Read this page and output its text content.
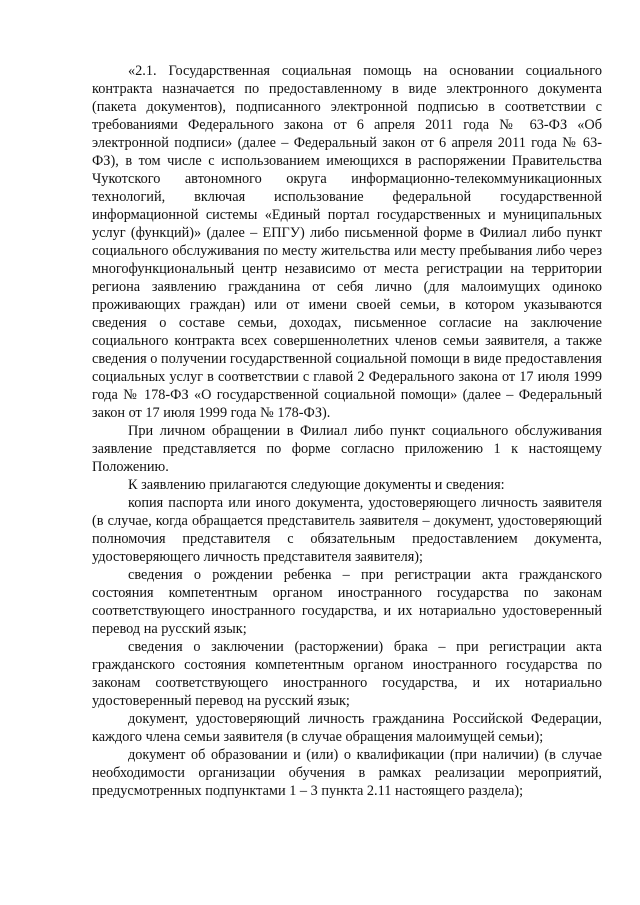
«2.1. Государственная социальная помощь на основании социального контракта назначается по предоставленному в виде электронного документа (пакета документов), подписанного электронной подписью в соответствии с требованиями Федерального закона от 6 апреля 2011 года № 63-ФЗ «Об электронной подписи» (далее – Федеральный закон от 6 апреля 2011 года № 63-ФЗ), в том числе с использованием имеющихся в распоряжении Правительства Чукотского автономного округа информационно-телекоммуникационных технологий, включая использование федеральной государственной информационной системы «Единый портал государственных и муниципальных услуг (функций)» (далее – ЕПГУ) либо письменной форме в Филиал либо пункт социального обслуживания по месту жительства или месту пребывания либо через многофункциональный центр независимо от места регистрации на территории региона заявлению гражданина от себя лично (для малоимущих одиноко проживающих граждан) или от имени своей семьи, в котором указываются сведения о составе семьи, доходах, письменное согласие на заключение социального контракта всех совершеннолетних членов семьи заявителя, а также сведения о получении государственной социальной помощи в виде предоставления социальных услуг в соответствии с главой 2 Федерального закона от 17 июля 1999 года № 178-ФЗ «О государственной социальной помощи» (далее – Федеральный закон от 17 июля 1999 года № 178-ФЗ).

При личном обращении в Филиал либо пункт социального обслуживания заявление представляется по форме согласно приложению 1 к настоящему Положению.

К заявлению прилагаются следующие документы и сведения:

копия паспорта или иного документа, удостоверяющего личность заявителя (в случае, когда обращается представитель заявителя – документ, удостоверяющий полномочия представителя с обязательным предоставлением документа, удостоверяющего личность представителя заявителя);

сведения о рождении ребенка – при регистрации акта гражданского состояния компетентным органом иностранного государства по законам соответствующего иностранного государства, и их нотариально удостоверенный перевод на русский язык;

сведения о заключении (расторжении) брака – при регистрации акта гражданского состояния компетентным органом иностранного государства по законам соответствующего иностранного государства, и их нотариально удостоверенный перевод на русский язык;

документ, удостоверяющий личность гражданина Российской Федерации, каждого члена семьи заявителя (в случае обращения малоимущей семьи);

документ об образовании и (или) о квалификации (при наличии) (в случае необходимости организации обучения в рамках реализации мероприятий, предусмотренных подпунктами 1 – 3 пункта 2.11 настоящего раздела);
